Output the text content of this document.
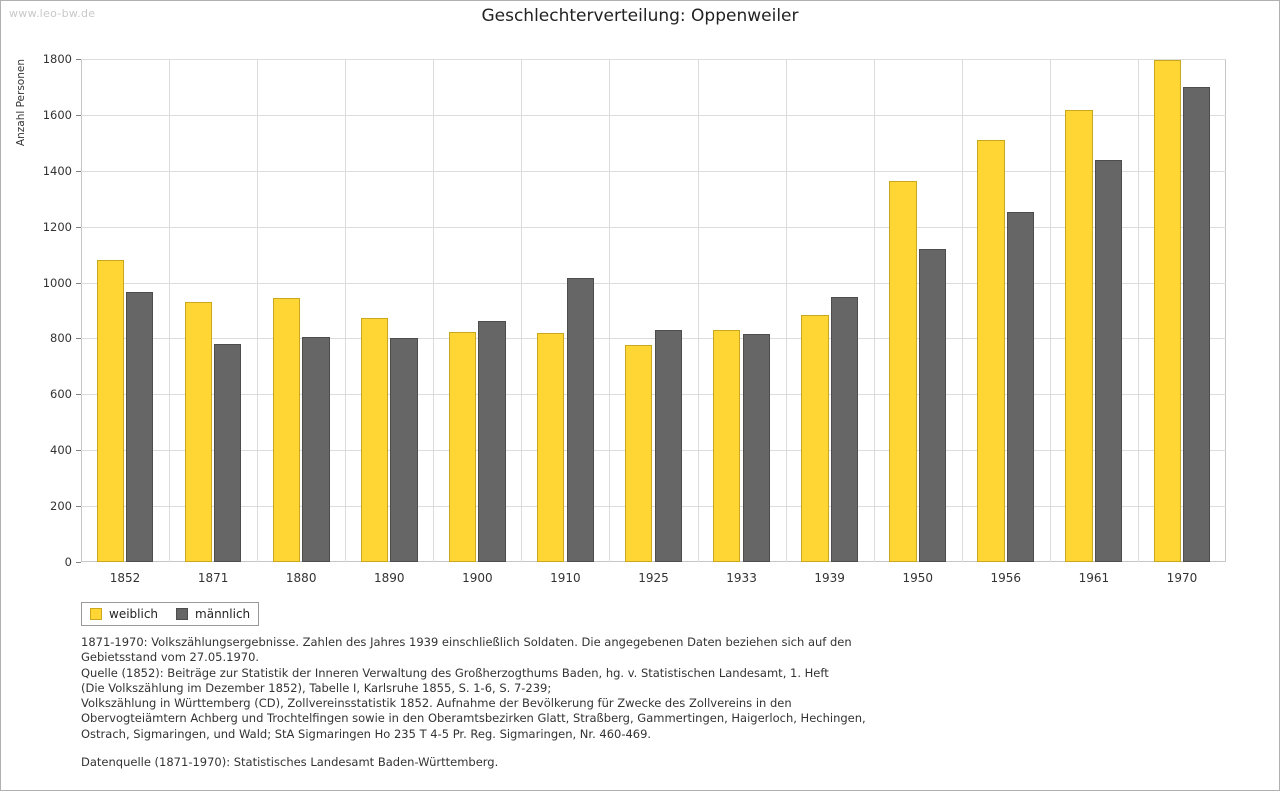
www.leo-bw.de	Geschlechterverteilung: Oppenweiler
Anzahl Personen
0
200
400
600
800
1000
1200
1400
1600
1800
1852	1871	1880	1890	1900	1910	1925	1933	1939	1950	1956	1961	1970
weiblich	männlich

1871-1970: Volkszählungsergebnisse. Zahlen des Jahres 1939 einschließlich Soldaten. Die angegebenen Daten beziehen sich auf den

Gebietsstand vom 27.05.1970.

Quelle (1852): Beiträge zur Statistik der Inneren Verwaltung des Großherzogthums Baden, hg. v. Statistischen Landesamt, 1. Heft

(Die Volkszählung im Dezember 1852), Tabelle I, Karlsruhe 1855, S. 1-6, S. 7-239;

Volkszählung in Württemberg (CD), Zollvereinsstatistik 1852. Aufnahme der Bevölkerung für Zwecke des Zollvereins in den

Obervogteiämtern Achberg und Trochtelfingen sowie in den Oberamtsbezirken Glatt, Straßberg, Gammertingen, Haigerloch, Hechingen,

Ostrach, Sigmaringen, und Wald; StA Sigmaringen Ho 235 T 4-5 Pr. Reg. Sigmaringen, Nr. 460-469.

Datenquelle (1871-1970): Statistisches Landesamt Baden-Württemberg.
